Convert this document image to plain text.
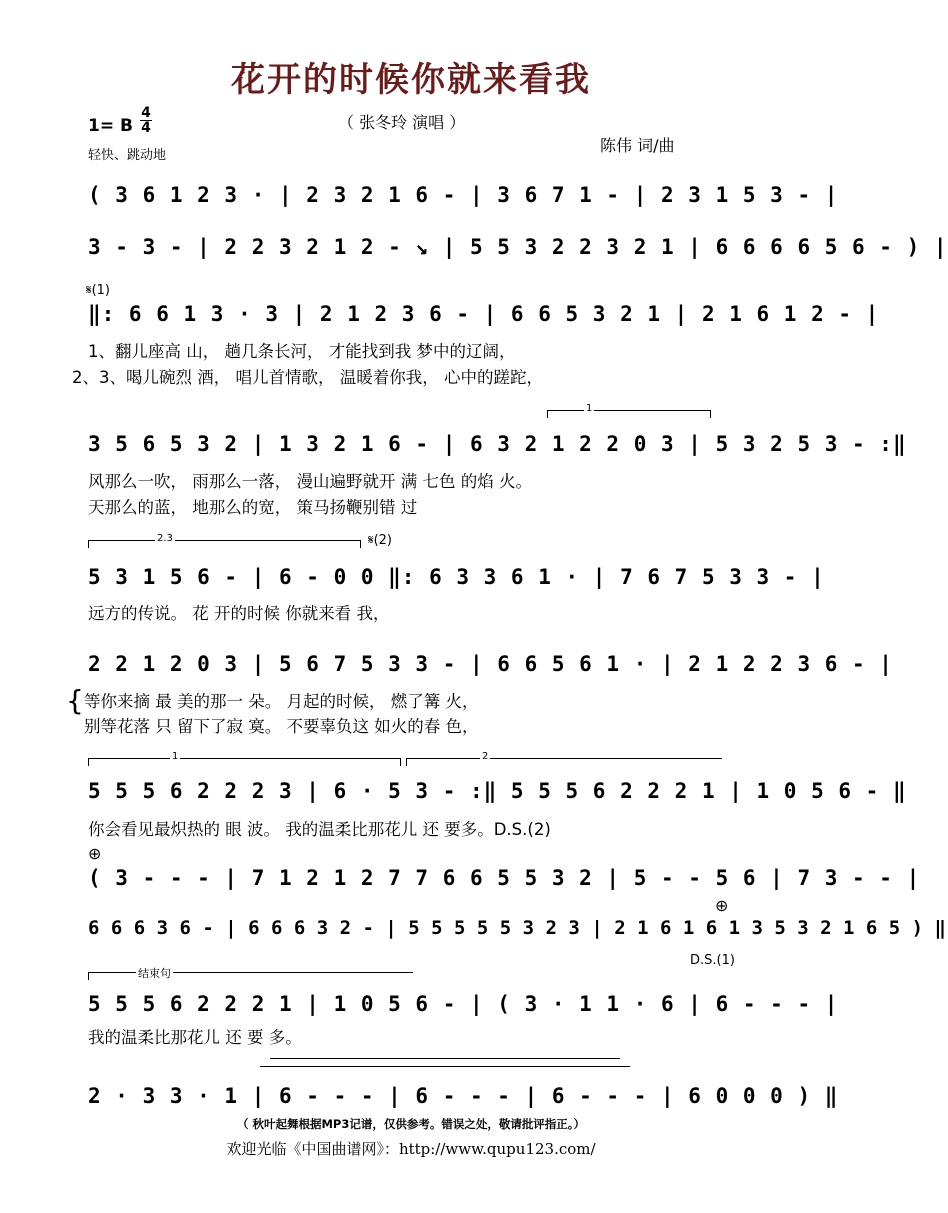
花开的时候你就来看我
（ 张冬玲 演唱 ）
1= B
4
4
轻快、跳动地
陈伟 词/曲
( 3 6 1 2 3 · | 2 3 2 1 6 - | 3 6 7 1 - | 2 3 1 5 3 - |
3 - 3 - | 2 2 3 2 1 2 - ↘ | 5 5 3 2 2 3 2 1 | 6 6 6 6 5 6 - ) |
𝄋(1)
‖: 6 6 1 3 · 3 | 2 1 2 3 6 - | 6 6 5 3 2 1 | 2 1 6 1 2 - |
1、翻儿座高 山， 趟几条长河， 才能找到我 梦中的辽阔，
2、3、喝儿碗烈 酒， 唱儿首情歌， 温暖着你我， 心中的蹉跎，
1
3 5 6 5 3 2 | 1 3 2 1 6 - | 6 3 2 1 2 2 0 3 | 5 3 2 5 3 - :‖
风那么一吹， 雨那么一落， 漫山遍野就开 满 七色 的焰 火。
天那么的蓝， 地那么的宽， 策马扬鞭别错 过
2.3	𝄋(2)
5 3 1 5 6 - | 6 - 0 0 ‖: 6 3 3 6 1 · | 7 6 7 5 3 3 - |
远方的传说。 花 开的时候 你就来看 我，
2 2 1 2 0 3 | 5 6 7 5 3 3 - | 6 6 5 6 1 · | 2 1 2 2 3 6 - |
{ 等你来摘 最 美的那一 朵。 月起的时候， 燃了篝 火，
别等花落 只 留下了寂 寞。 不要辜负这 如火的春 色，
1	2
5 5 5 6 2 2 2 3 | 6 · 5 3 - :‖ 5 5 5 6 2 2 2 1 | 1 0 5 6 - ‖
你会看见最炽热的 眼 波。 我的温柔比那花儿 还 要多。D.S.(2)
⊕
( 3 - - - | 7 1 2 1 2 7 7 6 6 5 5 3 2 | 5 - - 5 6 | 7 3 - - |
6 6 6 3 6 - | 6 6 6 3 2 - | 5 5 5 5 5 3 2 3 | 2 1 6 1 6 1 3 5 3 2 1 6 5 ) ‖
⊕
D.S.(1)
结束句
5 5 5 6 2 2 2 1 | 1 0 5 6 - | ( 3 · 1 1 · 6 | 6 - - - |
我的温柔比那花儿 还 要 多。
2 · 3 3 · 1 | 6 - - - | 6 - - - | 6 - - - | 6 0 0 0 ) ‖
（ 秋叶起舞根据MP3记谱，仅供参考。错误之处，敬请批评指正。）
欢迎光临《中国曲谱网》：http://www.qupu123.com/
